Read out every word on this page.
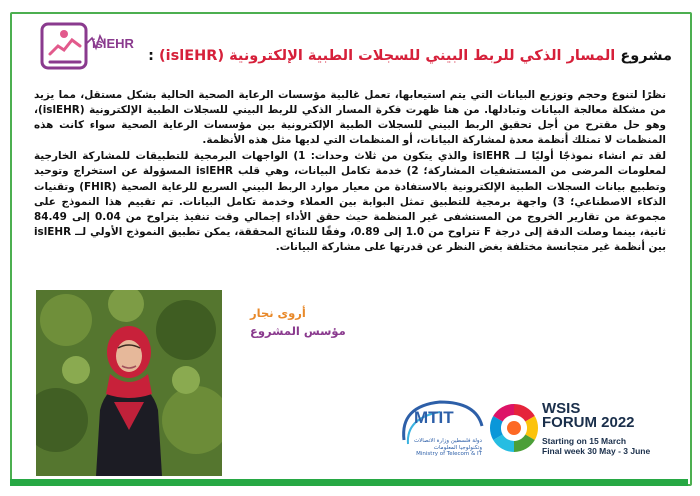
islEHR
مشروع المسار الذكي للربط البيني للسجلات الطبية الإلكترونية (islEHR) :

نظرًا لتنوع وحجم وتوزيع البيانات التي يتم استيعابها، تعمل غالبية مؤسسات الرعاية الصحية الحالية بشكل مستقل، مما يزيد من مشكلة معالجة البيانات وتبادلها. من هنا ظهرت فكرة المسار الذكي للربط البيني للسجلات الطبية الإلكترونية (islEHR)، وهو حل مقترح من أجل تحقيق الربط البيني للسجلات الطبية الإلكترونية بين مؤسسات الرعاية الصحية سواء كانت هذه المنظمات لا تمتلك أنظمة معدة لمشاركة البيانات، أو المنظمات التي لديها مثل هذه الأنظمة.

لقد تم انشاء نموذجًا أوليًا لــ islEHR والذي يتكون من ثلاث وحدات: 1) الواجهات البرمجية للتطبيقات للمشاركة الخارجية لمعلومات المرضى من المستشفيات المشاركة؛ 2) خدمة تكامل البيانات، وهي قلب islEHR المسؤولة عن استخراج وتوحيد وتطبيع بيانات السجلات الطبية الإلكترونية بالاستفادة من معيار موارد الربط البيني السريع للرعاية الصحية (FHIR) وتقنيات الذكاء الاصطناعي؛ 3) واجهة برمجية للتطبيق تمثل البوابة بين العملاء وخدمة تكامل البيانات. تم تقييم هذا النموذج على مجموعة من تقارير الخروج من المستشفى غير المنظمة حيث حقق الأداء إجمالي وقت تنفيذ يتراوح من 0.04 إلى 84.49 ثانية، بينما وصلت الدقة إلى درجة F تتراوح من 1.0 إلى 0.89، وفقًا للنتائج المحققة، يمكن تطبيق النموذج الأولي لــ islEHR بين أنظمة غير متجانسة مختلفة بغض النظر عن قدرتها على مشاركة البيانات.

أروى نجار
مؤسس المشروع
MTIT
دولة فلسطين وزارة الاتصالات وتكنولوجيا المعلومات
Ministry of Telecom & IT
WSIS
FORUM 2022
Starting on 15 March
Final week 30 May - 3 June
